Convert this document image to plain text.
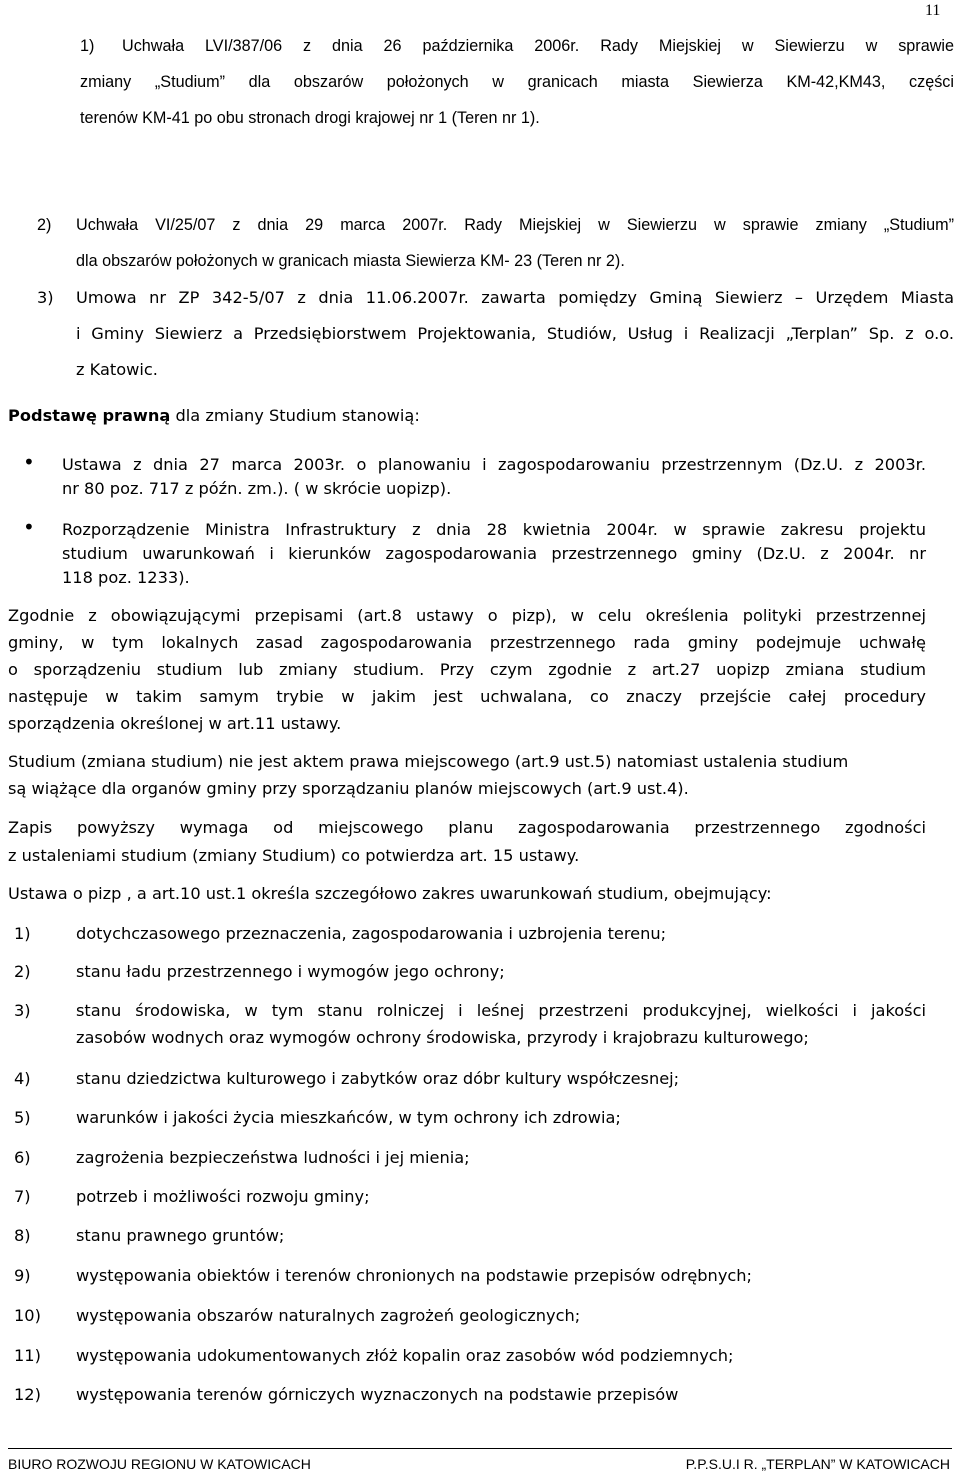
11
1) Uchwała LVI/387/06 z dnia 26 października 2006r. Rady Miejskiej w Siewierzu w sprawie
zmiany „Studium” dla obszarów położonych w granicach miasta Siewierza KM-42,KM43, części
terenów KM-41 po obu stronach drogi krajowej nr 1 (Teren nr 1).
2) Uchwała VI/25/07 z dnia 29 marca 2007r. Rady Miejskiej w Siewierzu w sprawie zmiany „Studium”
dla obszarów położonych w granicach miasta Siewierza KM- 23 (Teren nr 2).
3) Umowa nr ZP 342-5/07 z dnia 11.06.2007r. zawarta pomiędzy Gminą Siewierz – Urzędem Miasta
i Gminy Siewierz a Przedsiębiorstwem Projektowania, Studiów, Usług i Realizacji „Terplan” Sp. z o.o.
z Katowic.
Podstawę prawną dla zmiany Studium stanowią:
• Ustawa z dnia 27 marca 2003r. o planowaniu i zagospodarowaniu przestrzennym (Dz.U. z 2003r.
nr 80 poz. 717 z późn. zm.). ( w skrócie uopizp).
• Rozporządzenie Ministra Infrastruktury z dnia 28 kwietnia 2004r. w sprawie zakresu projektu
studium uwarunkowań i kierunków zagospodarowania przestrzennego gminy (Dz.U. z 2004r. nr
118 poz. 1233).
Zgodnie z obowiązującymi przepisami (art.8 ustawy o pizp), w celu określenia polityki przestrzennej
gminy, w tym lokalnych zasad zagospodarowania przestrzennego rada gminy podejmuje uchwałę
o sporządzeniu studium lub zmiany studium. Przy czym zgodnie z art.27 uopizp zmiana studium
następuje w takim samym trybie w jakim jest uchwalana, co znaczy przejście całej procedury
sporządzenia określonej w art.11 ustawy.
Studium (zmiana studium) nie jest aktem prawa miejscowego (art.9 ust.5) natomiast ustalenia studium
są wiążące dla organów gminy przy sporządzaniu planów miejscowych (art.9 ust.4).
Zapis powyższy wymaga od miejscowego planu zagospodarowania przestrzennego zgodności
z ustaleniami studium (zmiany Studium) co potwierdza art. 15 ustawy.
Ustawa o pizp , a art.10 ust.1 określa szczegółowo zakres uwarunkowań studium, obejmujący:
1)	dotychczasowego przeznaczenia, zagospodarowania i uzbrojenia terenu;
2)	stanu ładu przestrzennego i wymogów jego ochrony;
3)	stanu środowiska, w tym stanu rolniczej i leśnej przestrzeni produkcyjnej, wielkości i jakości
zasobów wodnych oraz wymogów ochrony środowiska, przyrody i krajobrazu kulturowego;
4)	stanu dziedzictwa kulturowego i zabytków oraz dóbr kultury współczesnej;
5)	warunków i jakości życia mieszkańców, w tym ochrony ich zdrowia;
6)	zagrożenia bezpieczeństwa ludności i jej mienia;
7)	potrzeb i możliwości rozwoju gminy;
8)	stanu prawnego gruntów;
9)	występowania obiektów i terenów chronionych na podstawie przepisów odrębnych;
10) występowania obszarów naturalnych zagrożeń geologicznych;
11) występowania udokumentowanych złóż kopalin oraz zasobów wód podziemnych;
12) występowania terenów górniczych wyznaczonych na podstawie przepisów
BIURO ROZWOJU REGIONU W KATOWICACH	P.P.S.U.I R. „TERPLAN” W KATOWICACH
